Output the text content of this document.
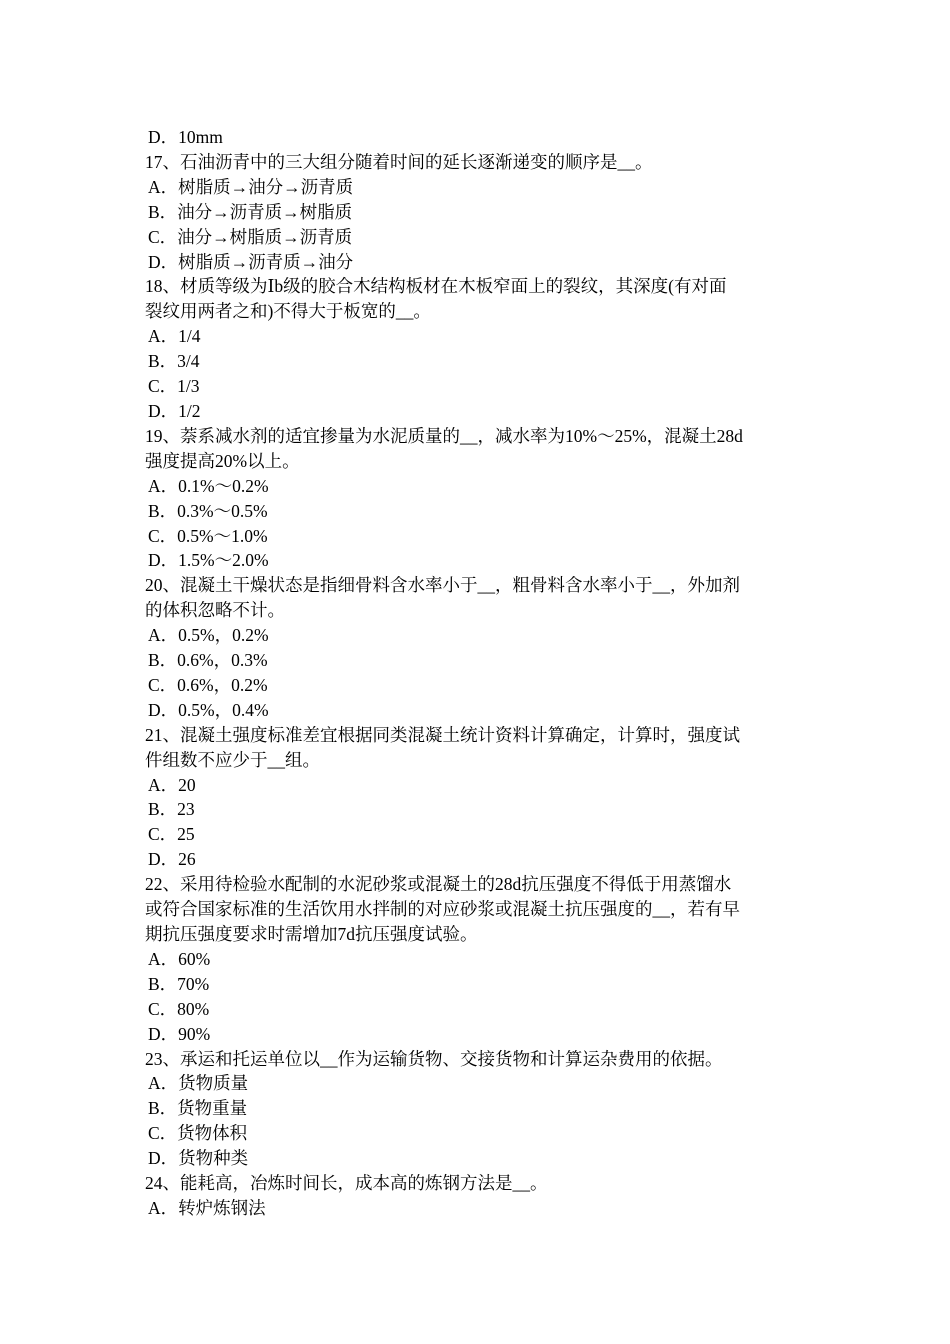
D．10mm
17、石油沥青中的三大组分随着时间的延长逐渐递变的顺序是__。
A．树脂质→油分→沥青质
B．油分→沥青质→树脂质
C．油分→树脂质→沥青质
D．树脂质→沥青质→油分
18、材质等级为Ⅰb级的胶合木结构板材在木板窄面上的裂纹，其深度(有对面
裂纹用两者之和)不得大于板宽的__。
A．1/4
B．3/4
C．1/3
D．1/2
19、萘系减水剂的适宜掺量为水泥质量的__，减水率为10%～25%，混凝土28d
强度提高20%以上。
A．0.1%～0.2%
B．0.3%～0.5%
C．0.5%～1.0%
D．1.5%～2.0%
20、混凝土干燥状态是指细骨料含水率小于__，粗骨料含水率小于__，外加剂
的体积忽略不计。
A．0.5%，0.2%
B．0.6%，0.3%
C．0.6%，0.2%
D．0.5%，0.4%
21、混凝土强度标准差宜根据同类混凝土统计资料计算确定，计算时，强度试
件组数不应少于__组。
A．20
B．23
C．25
D．26
22、采用待检验水配制的水泥砂浆或混凝土的28d抗压强度不得低于用蒸馏水
或符合国家标准的生活饮用水拌制的对应砂浆或混凝土抗压强度的__，若有早
期抗压强度要求时需增加7d抗压强度试验。
A．60%
B．70%
C．80%
D．90%
23、承运和托运单位以__作为运输货物、交接货物和计算运杂费用的依据。
A．货物质量
B．货物重量
C．货物体积
D．货物种类
24、能耗高，冶炼时间长，成本高的炼钢方法是__。
A．转炉炼钢法
